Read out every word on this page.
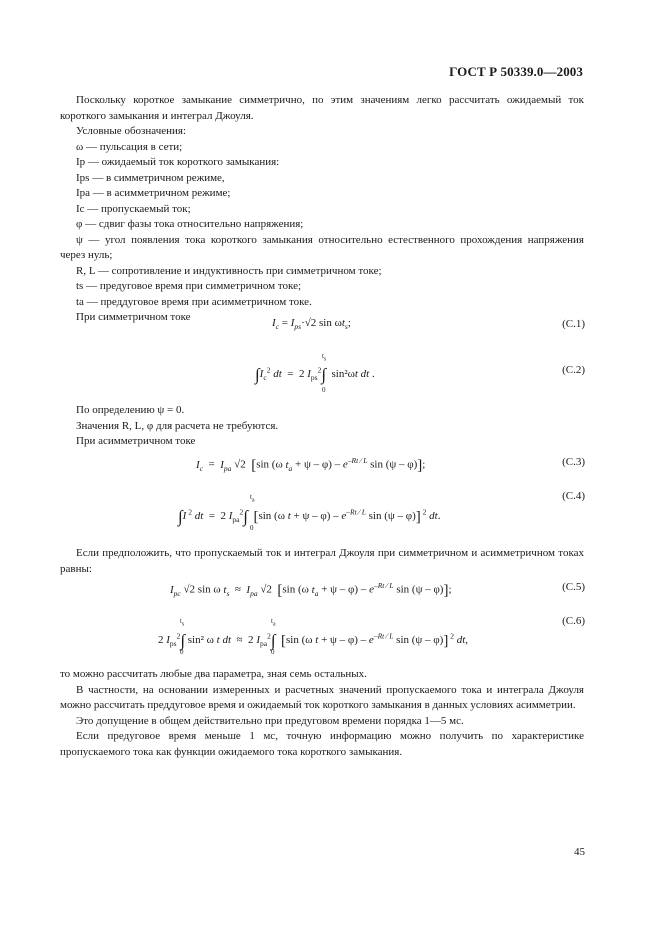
ГОСТ Р 50339.0—2003

Поскольку короткое замыкание симметрично, по этим значениям легко рассчитать ожидаемый ток короткого замыкания и интеграл Джоуля.

Условные обозначения:

ω — пульсация в сети;

Ip — ожидаемый ток короткого замыкания:

Ips — в симметричном режиме,

Ipa — в асимметричном режиме;

Ic — пропускаемый ток;

φ — сдвиг фазы тока относительно напряжения;

ψ — угол появления тока короткого замыкания относительно естественного прохождения напряжения через нуль;

R, L — сопротивление и индуктивность при симметричном токе;

ts — предуговое время при симметричном токе;

ta — преддуговое время при асимметричном токе.

При симметричном токе	$I_c = I_{ps}\cdot√2$ $\sin \omega t_s$;	(С.1)
$\int I_c^2$ dt  =  2 $I_{ps}^2\int$  sin²ωt dt .
$t_s$
0
(С.2)

По определению ψ = 0.

Значения R, L, φ для расчета не требуются.

При асимметричном токе

$I_c = I_{pa}$ √2  [sin (ω $t_a + \psi - \varphi) - e^{-Rt ⁄ L}$ sin (ψ – φ)];	(С.3)
(С.4)
∫I $^2$ dt  =  2 $I_{pa}^2\int$ [sin (ω $t + \psi - \varphi) - e^{-Rt ⁄ L}$ sin (ψ – φ)] $^2$ dt.
$t_a$
0

Если предположить, что пропускаемый ток и интеграл Джоуля при симметричном и асимметричном токах равны:

$I_{pc}$ √2 sin ω $t_s \approx I_{pa}$ √2  [sin (ω $t_a + \psi - \varphi) - e^{-Rt ⁄ L}$ sin (ψ – φ)];	(С.5)
(С.6)
2 $I_{ps}^2\int$ sin² ω t dt  ≈  2 $I_{pa}^2\int$ [sin (ω $t + \psi - \varphi) - e^{-Rt ⁄ L}$ sin (ψ – φ)] $^2$ dt,
$t_s$
0
$t_a$
0

то можно рассчитать любые два параметра, зная семь остальных.

В частности, на основании измеренных и расчетных значений пропускаемого тока и интеграла Джоуля можно рассчитать преддуговое время и ожидаемый ток короткого замыкания в данных условиях асимметрии.

Это допущение в общем действительно при предуговом времени порядка 1—5 мс.

Если предуговое время меньше 1 мс, точную информацию можно получить по характеристике пропускаемого тока как функции ожидаемого тока короткого замыкания.

45
